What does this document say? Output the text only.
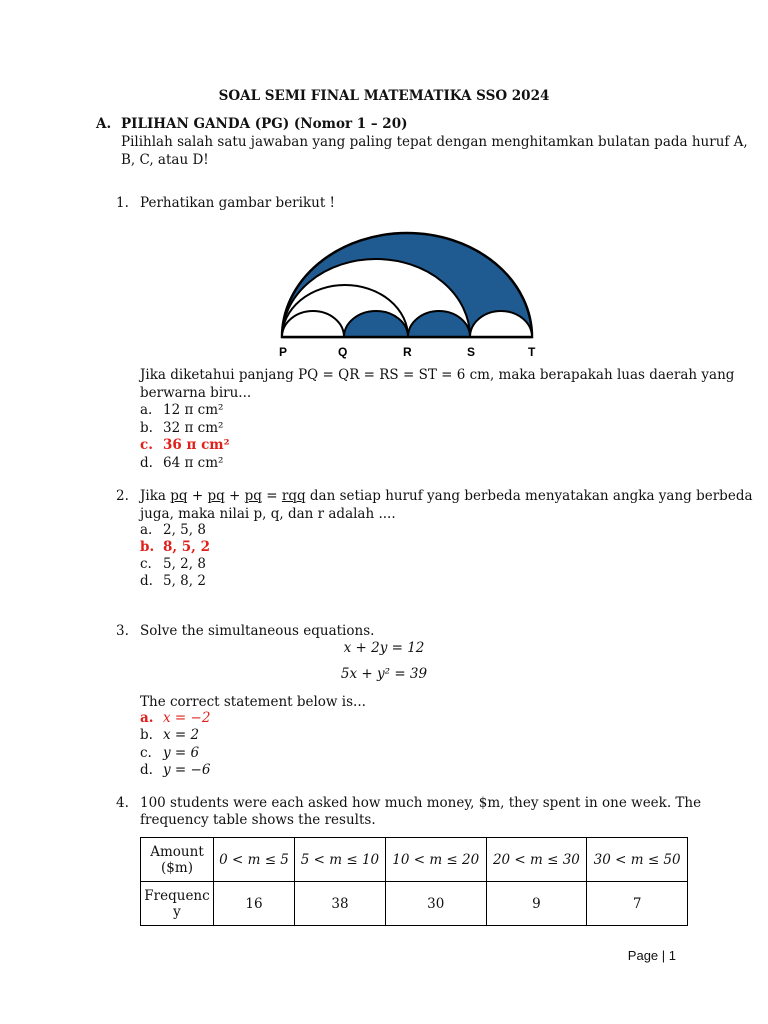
SOAL SEMI FINAL MATEMATIKA SSO 2024
A. PILIHAN GANDA (PG) (Nomor 1 – 20)
Pilihlah salah satu jawaban yang paling tepat dengan menghitamkan bulatan pada huruf A,
B, C, atau D!
1. Perhatikan gambar berikut !
P	Q	R	S	T
Jika diketahui panjang PQ = QR = RS = ST = 6 cm, maka berapakah luas daerah yang
berwarna biru...
a. 12 π cm²
b. 32 π cm²
c. 36 π cm²
d. 64 π cm²
2. Jika pq + pq + pq = rqq dan setiap huruf yang berbeda menyatakan angka yang berbeda
juga, maka nilai p, q, dan r adalah ....
a. 2, 5, 8
b. 8, 5, 2
c. 5, 2, 8
d. 5, 8, 2
3. Solve the simultaneous equations.
x + 2y = 12
5x + y² = 39
The correct statement below is...
a. x = −2
b. x = 2
c. y = 6
d. y = −6
4. 100 students were each asked how much money, $m, they spent in one week. The
frequency table shows the results.
Amount
($m)	0 < m ≤ 5	5 < m ≤ 10	10 < m ≤ 20	20 < m ≤ 30	30 < m ≤ 50
Frequenc
y	16	38	30	9	7
Page | 1
